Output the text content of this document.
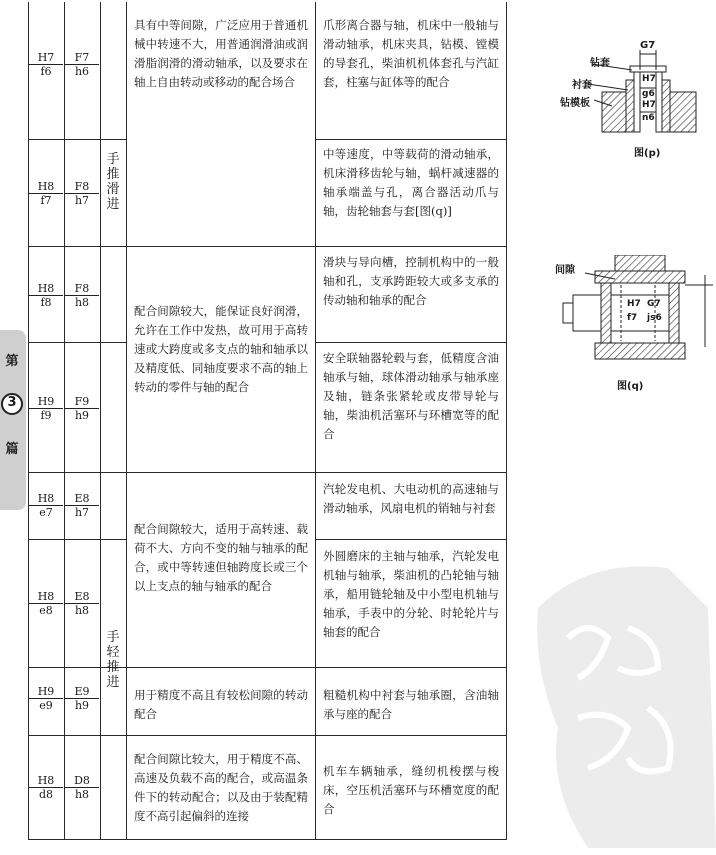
第
3
篇
$\frac{H7}{f6} \frac{F7}{h6}$
爪形离合器与轴，机床中一般轴与滑动轴承，机床夹具，钻模、镗模的导套孔，柴油机机体套孔与汽缸套，柱塞与缸体等的配合
$\frac{H8}{f7} \frac{F8}{h7}$
中等速度，中等载荷的滑动轴承，机床滑移齿轮与轴，蜗杆减速器的轴承端盖与孔，离合器活动爪与轴，齿轮轴套与套[图(q)]
$\frac{H8}{f8} \frac{F8}{h8}$
滑块与导向槽，控制机构中的一般轴和孔，支承跨距较大或多支承的传动轴和轴承的配合
$\frac{H9}{f9} \frac{F9}{h9}$
安全联轴器轮毂与套，低精度含油轴承与轴，球体滑动轴承与轴承座及轴，链条张紧轮或皮带导轮与轴，柴油机活塞环与环槽宽等的配合
$\frac{H8}{e7} \frac{E8}{h7}$
汽轮发电机、大电动机的高速轴与滑动轴承，风扇电机的销轴与衬套
$\frac{H8}{e8} \frac{E8}{h8}$
外圆磨床的主轴与轴承，汽轮发电机轴与轴承，柴油机的凸轮轴与轴承，船用链轮轴及中小型电机轴与轴承，手表中的分轮、时轮轮片与轴套的配合
$\frac{H9}{e9} \frac{E9}{h9}$	粗糙机构中衬套与轴承圈，含油轴承与座的配合
$\frac{H8}{d8} \frac{D8}{h8}$
机车车辆轴承，缝纫机梭摆与梭床，空压机活塞环与环槽宽度的配合
手
推
滑
进
手
轻
推
进
具有中等间隙，广泛应用于普通机械中转速不大，用普通润滑油或润滑脂润滑的滑动轴承，以及要求在轴上自由转动或移动的配合场合
配合间隙较大，能保证良好润滑，允许在工作中发热，故可用于高转速或大跨度或多支点的轴和轴承以及精度低、同轴度要求不高的轴上转动的零件与轴的配合
配合间隙较大，适用于高转速、载荷不大、方向不变的轴与轴承的配合，或中等转速但轴跨度长或三个以上支点的轴与轴承的配合
用于精度不高且有较松间隙的转动配合
配合间隙比较大，用于精度不高、高速及负载不高的配合，或高温条件下的转动配合；以及由于装配精度不高引起偏斜的连接
钻套
衬套
钻模板
G7
H7
g6
H7
n6
图(p)
间隙
H7
f7
G7
js6
图(q)
